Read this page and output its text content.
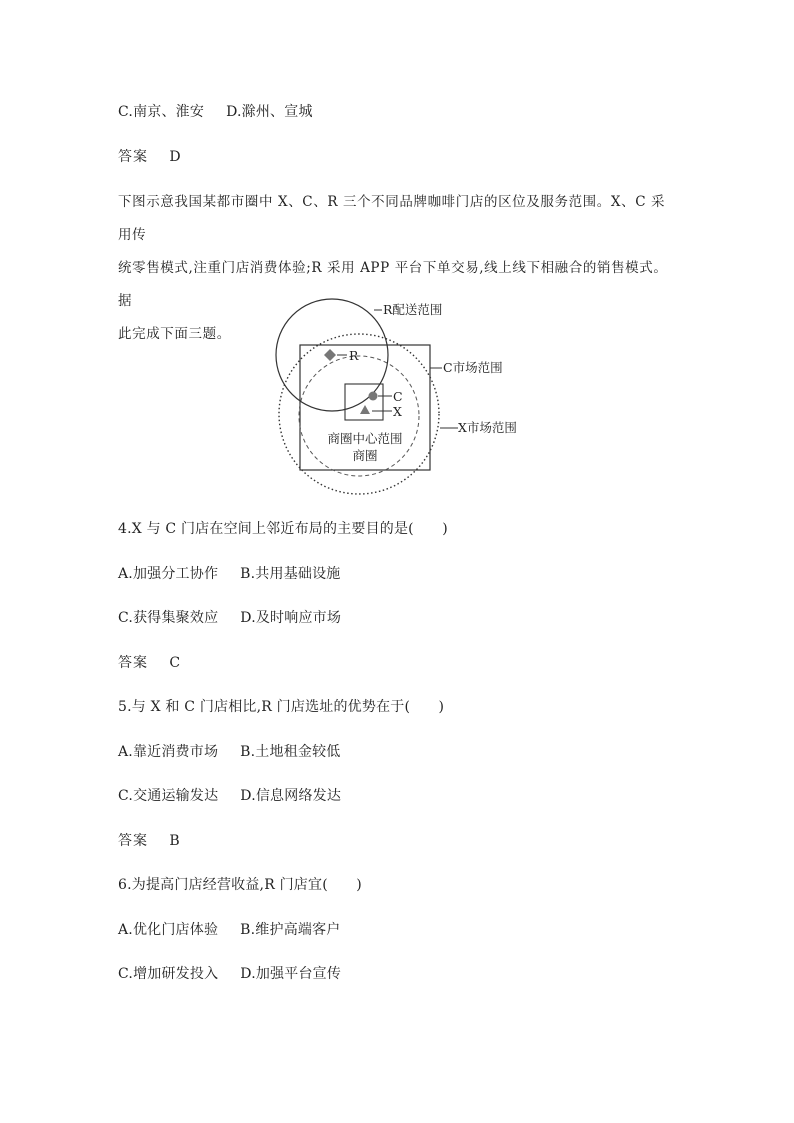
C.南京、淮安 D.滁州、宣城
答案 D
下图示意我国某都市圈中 X、C、R 三个不同品牌咖啡门店的区位及服务范围。X、C 采用传
统零售模式,注重门店消费体验;R 采用 APP 平台下单交易,线上线下相融合的销售模式。据
此完成下面三题。
R
C
X
商圈中心范围
商圈
R配送范围
C市场范围
X市场范围
4.X 与 C 门店在空间上邻近布局的主要目的是(　　)
A.加强分工协作 B.共用基础设施
C.获得集聚效应 D.及时响应市场
答案 C
5.与 X 和 C 门店相比,R 门店选址的优势在于(　　)
A.靠近消费市场 B.土地租金较低
C.交通运输发达 D.信息网络发达
答案 B
6.为提高门店经营收益,R 门店宜(　　)
A.优化门店体验 B.维护高端客户
C.增加研发投入 D.加强平台宣传
